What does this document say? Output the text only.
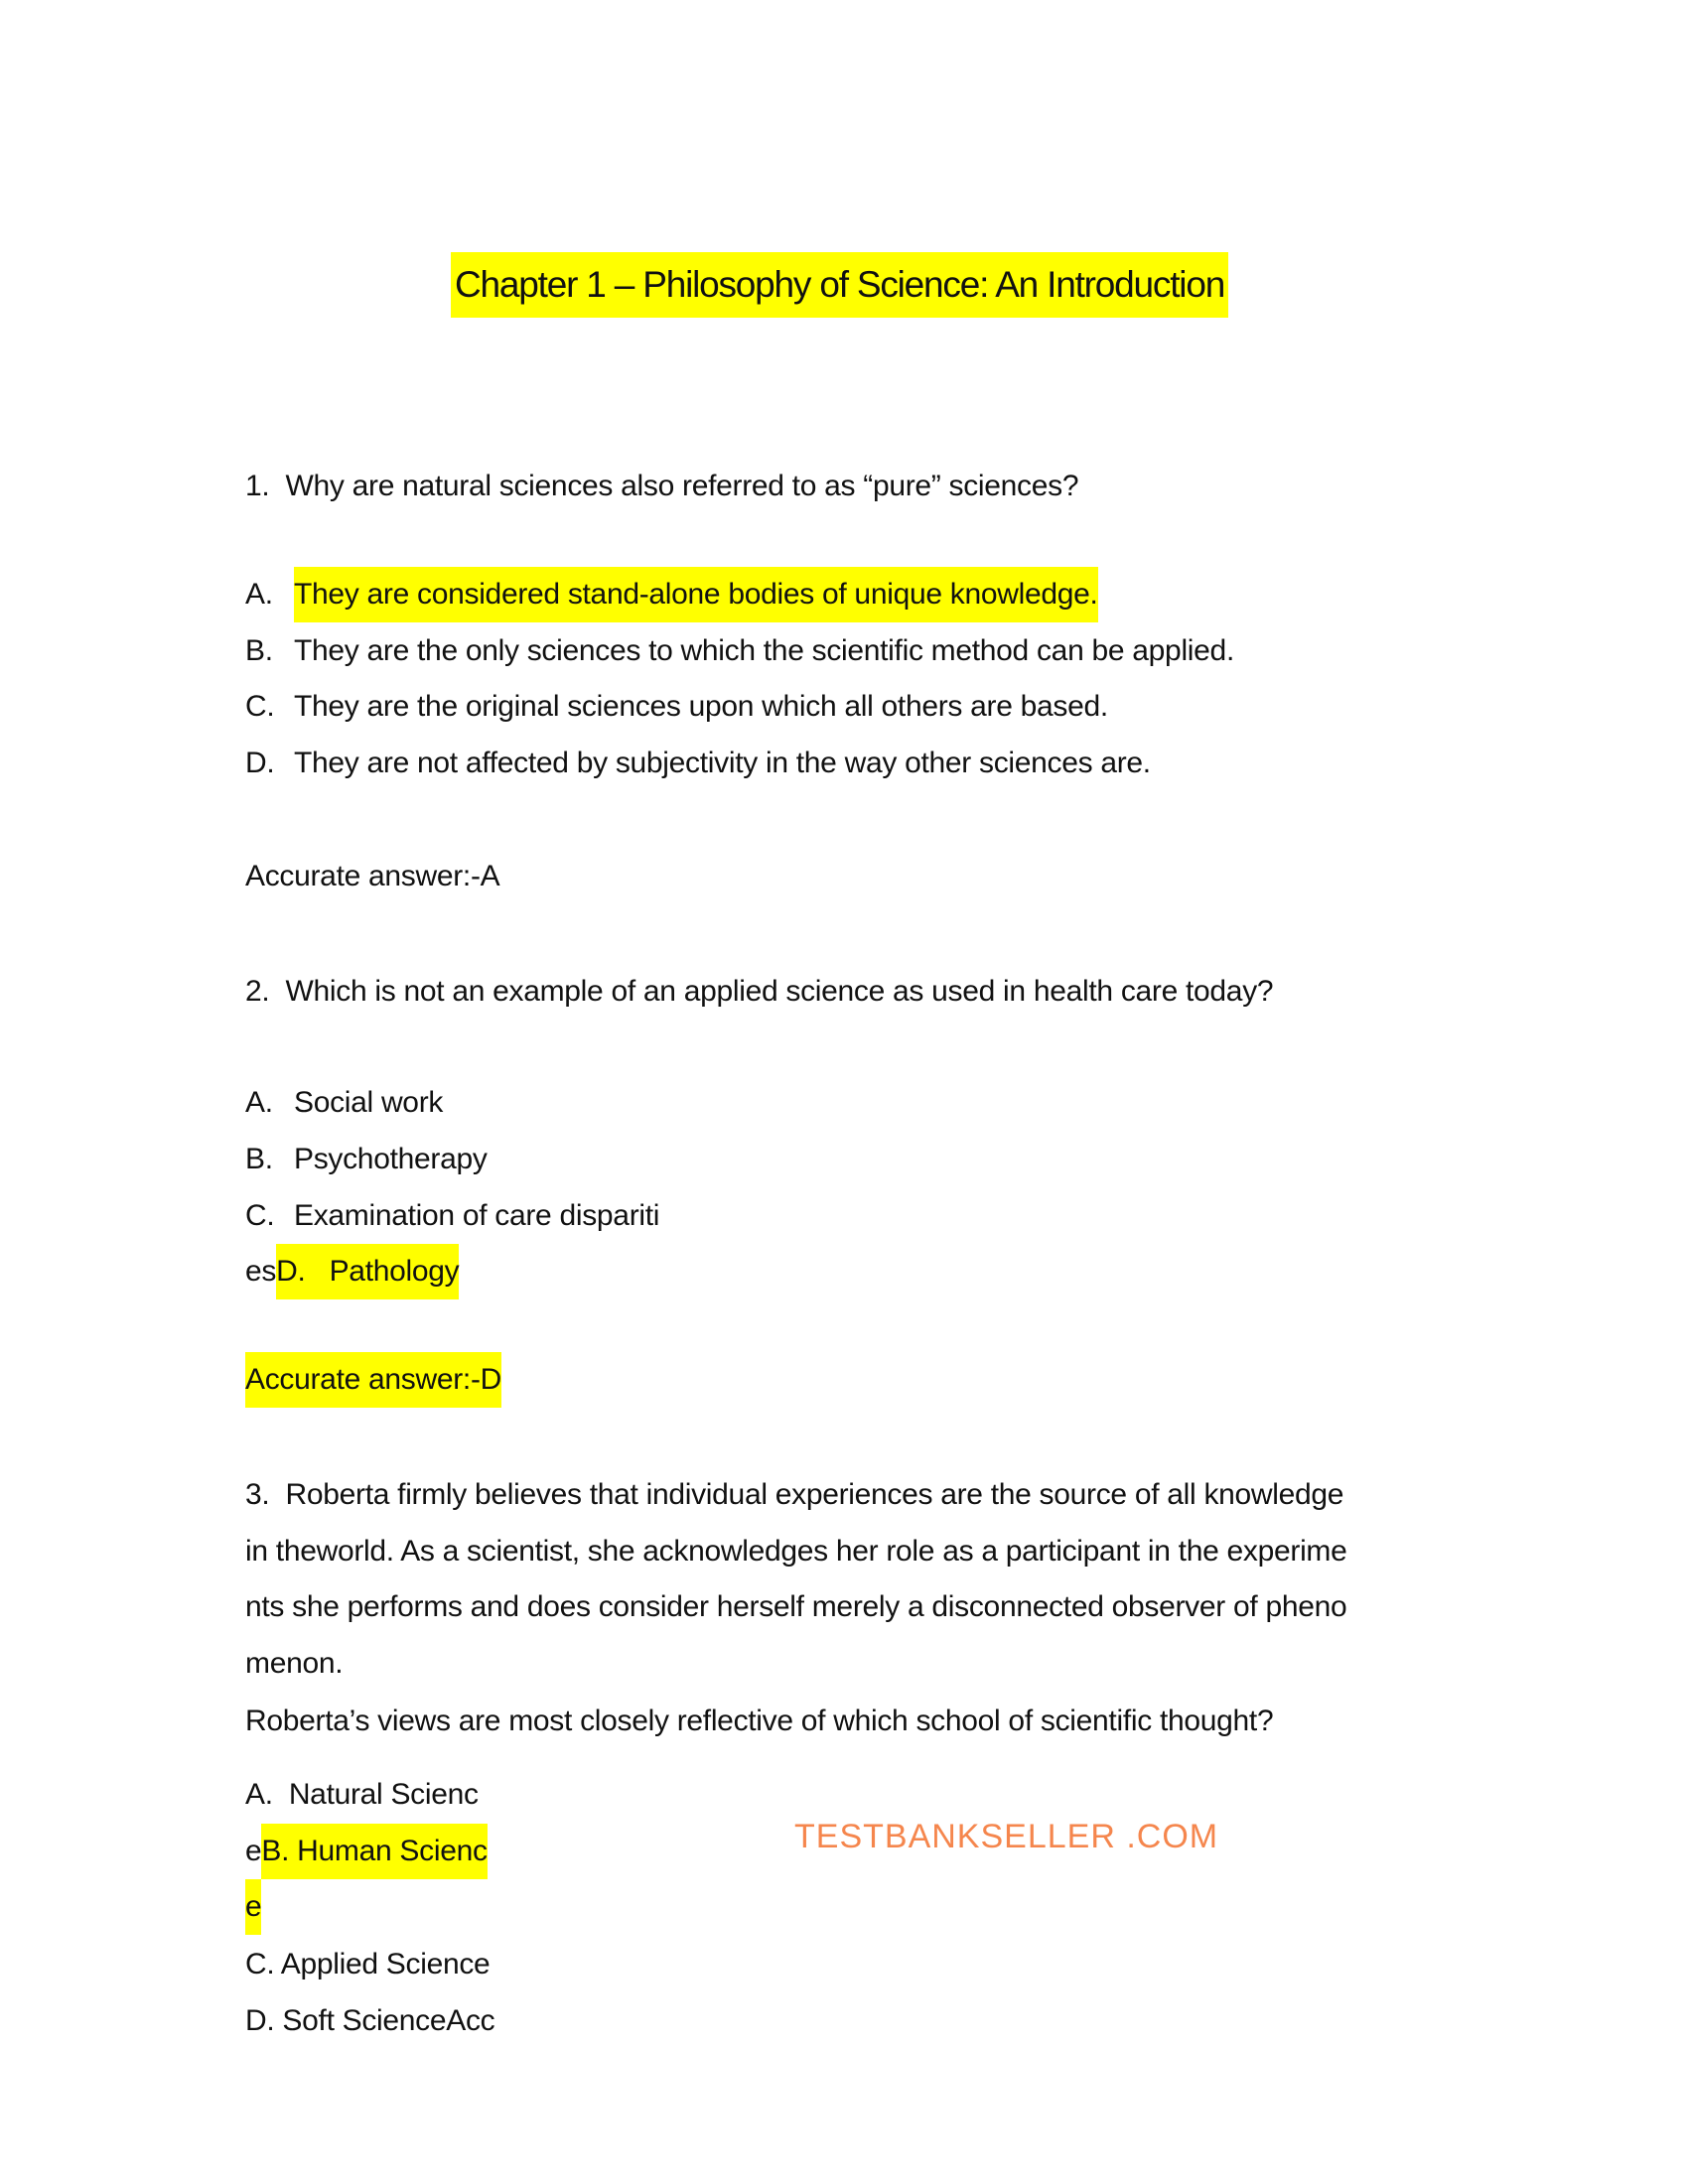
Chapter 1 – Philosophy of Science: An Introduction
1.  Why are natural sciences also referred to as “pure” sciences?
A. They are considered stand-alone bodies of unique knowledge.
B. They are the only sciences to which the scientific method can be applied.
C. They are the original sciences upon which all others are based.
D. They are not affected by subjectivity in the way other sciences are.
Accurate answer:-A
2.  Which is not an example of an applied science as used in health care today?
A. Social work
B. Psychotherapy
C. Examination of care dispariti
esD.   Pathology
Accurate answer:-D
3.  Roberta firmly believes that individual experiences are the source of all knowledge
in theworld. As a scientist, she acknowledges her role as a participant in the experime
nts she performs and does consider herself merely a disconnected observer of pheno
menon.
Roberta’s views are most closely reflective of which school of scientific thought?
A.  Natural Scienc
TESTBANKSELLER .COM
eB. Human Scienc
e
C. Applied Science
D. Soft ScienceAcc
